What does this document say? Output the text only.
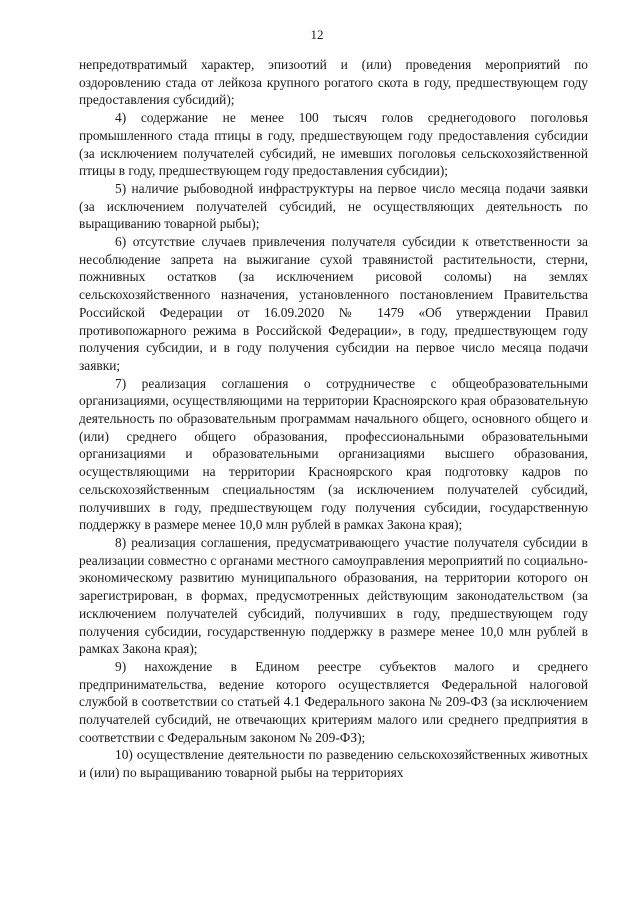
12

непредотвратимый характер, эпизоотий и (или) проведения мероприятий по оздоровлению стада от лейкоза крупного рогатого скота в году, предшествующем году предоставления субсидий);

4) содержание не менее 100 тысяч голов среднегодового поголовья промышленного стада птицы в году, предшествующем году предоставления субсидии (за исключением получателей субсидий, не имевших поголовья сельскохозяйственной птицы в году, предшествующем году предоставления субсидии);

5) наличие рыбоводной инфраструктуры на первое число месяца подачи заявки (за исключением получателей субсидий, не осуществляющих деятельность по выращиванию товарной рыбы);

6) отсутствие случаев привлечения получателя субсидии к ответственности за несоблюдение запрета на выжигание сухой травянистой растительности, стерни, пожнивных остатков (за исключением рисовой соломы) на землях сельскохозяйственного назначения, установленного постановлением Правительства Российской Федерации от 16.09.2020 № 1479 «Об утверждении Правил противопожарного режима в Российской Федерации», в году, предшествующем году получения субсидии, и в году получения субсидии на первое число месяца подачи заявки;

7) реализация соглашения о сотрудничестве с общеобразовательными организациями, осуществляющими на территории Красноярского края образовательную деятельность по образовательным программам начального общего, основного общего и (или) среднего общего образования, профессиональными образовательными организациями и образовательными организациями высшего образования, осуществляющими на территории Красноярского края подготовку кадров по сельскохозяйственным специальностям (за исключением получателей субсидий, получивших в году, предшествующем году получения субсидии, государственную поддержку в размере менее 10,0 млн рублей в рамках Закона края);

8) реализация соглашения, предусматривающего участие получателя субсидии в реализации совместно с органами местного самоуправления мероприятий по социально-экономическому развитию муниципального образования, на территории которого он зарегистрирован, в формах, предусмотренных действующим законодательством (за исключением получателей субсидий, получивших в году, предшествующем году получения субсидии, государственную поддержку в размере менее 10,0 млн рублей в рамках Закона края);

9) нахождение в Едином реестре субъектов малого и среднего предпринимательства, ведение которого осуществляется Федеральной налоговой службой в соответствии со статьей 4.1 Федерального закона № 209-ФЗ (за исключением получателей субсидий, не отвечающих критериям малого или среднего предприятия в соответствии с Федеральным законом № 209-ФЗ);

10) осуществление деятельности по разведению сельскохозяйственных животных и (или) по выращиванию товарной рыбы на территориях
